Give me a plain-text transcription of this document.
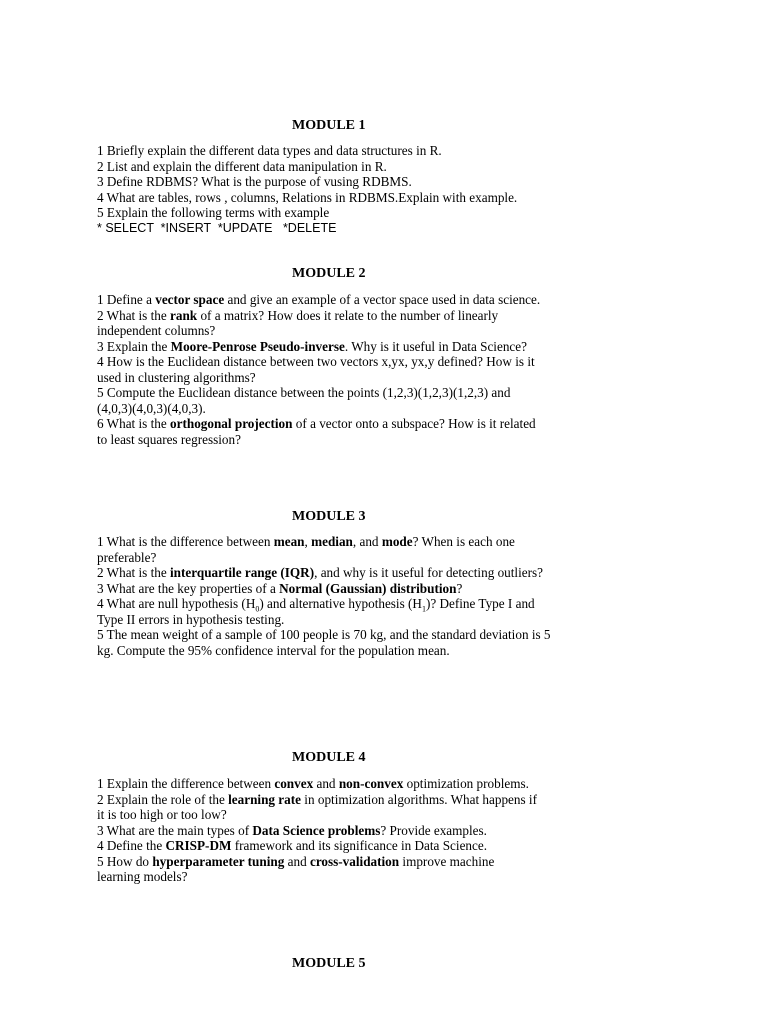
MODULE 1

1 Briefly explain the different data types and data structures in R.

2 List and explain the different data manipulation in R.

3 Define RDBMS? What is the purpose of vusing RDBMS.

4 What are tables, rows , columns, Relations in RDBMS.Explain with example.

5 Explain the following terms with example

* SELECT  *INSERT  *UPDATE   *DELETE

MODULE 2

1 Define a vector space and give an example of a vector space used in data science.

2 What is the rank of a matrix? How does it relate to the number of linearly independent columns?

3 Explain the Moore-Penrose Pseudo-inverse. Why is it useful in Data Science?

4 How is the Euclidean distance between two vectors x,yx, yx,y defined? How is it used in clustering algorithms?

5 Compute the Euclidean distance between the points (1,2,3)(1,2,3)(1,2,3) and (4,0,3)(4,0,3)(4,0,3).

6 What is the orthogonal projection of a vector onto a subspace? How is it related to least squares regression?

MODULE 3

1 What is the difference between mean, median, and mode? When is each one preferable?

2 What is the interquartile range (IQR), and why is it useful for detecting outliers?

3 What are the key properties of a Normal (Gaussian) distribution?

4 What are null hypothesis $(H_0)$ and alternative hypothesis $(H_1)$? Define Type I and Type II errors in hypothesis testing.

5 The mean weight of a sample of 100 people is 70 kg, and the standard deviation is 5 kg. Compute the 95% confidence interval for the population mean.

MODULE 4

1 Explain the difference between convex and non-convex optimization problems.

2 Explain the role of the learning rate in optimization algorithms. What happens if it is too high or too low?

3 What are the main types of Data Science problems? Provide examples.

4 Define the CRISP-DM framework and its significance in Data Science.

5 How do hyperparameter tuning and cross-validation improve machine learning models?

MODULE 5
